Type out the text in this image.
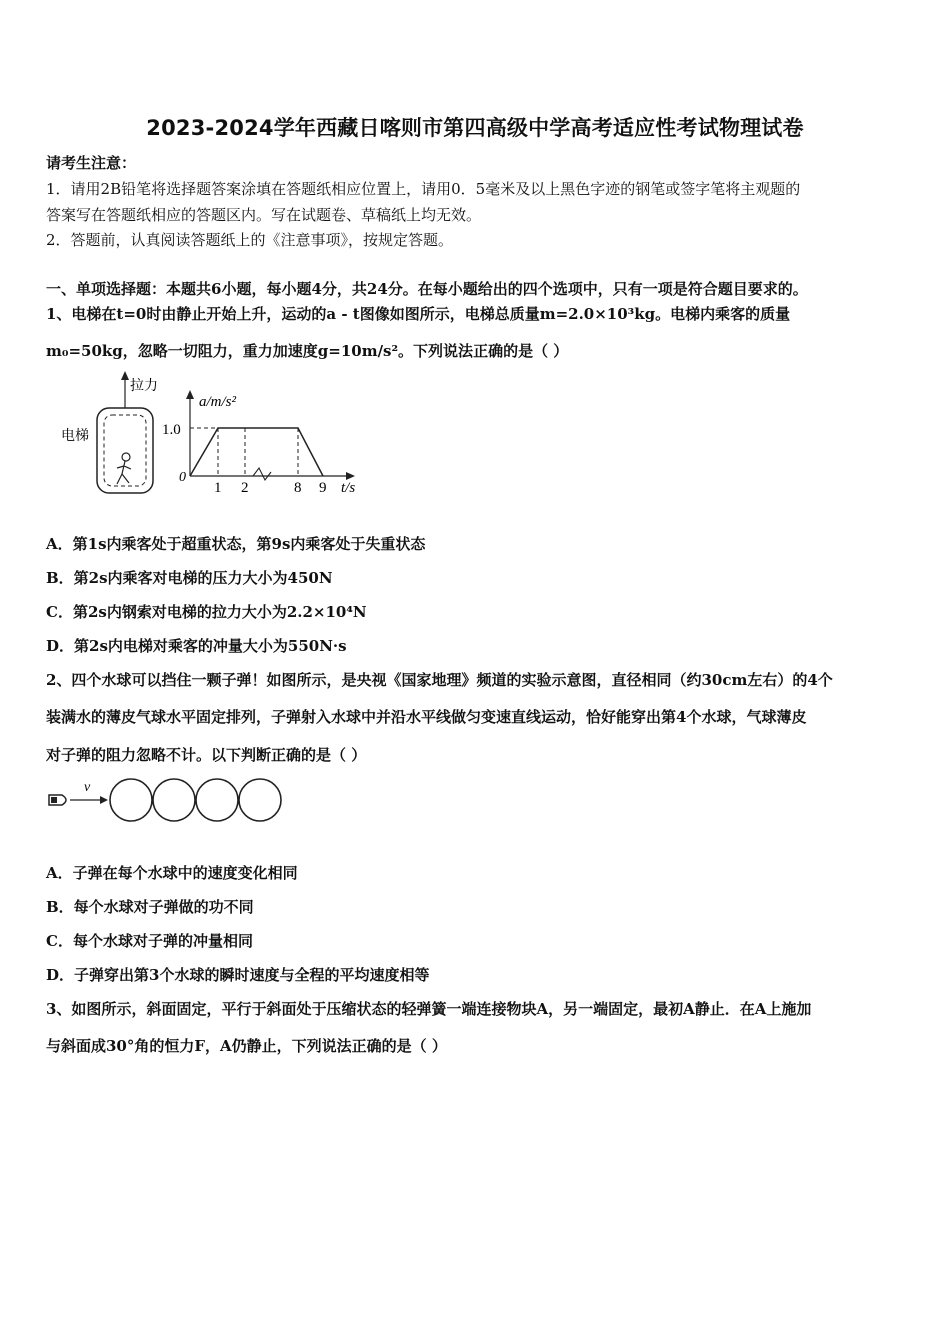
2023-2024学年西藏日喀则市第四高级中学高考适应性考试物理试卷
请考生注意：
1．请用2B铅笔将选择题答案涂填在答题纸相应位置上，请用0．5毫米及以上黑色字迹的钢笔或签字笔将主观题的
答案写在答题纸相应的答题区内。写在试题卷、草稿纸上均无效。
2．答题前，认真阅读答题纸上的《注意事项》，按规定答题。
一、单项选择题：本题共6小题，每小题4分，共24分。在每小题给出的四个选项中，只有一项是符合题目要求的。
1、电梯在t=0时由静止开始上升，运动的a - t图像如图所示，电梯总质量m=2.0×10³kg。电梯内乘客的质量
m₀=50kg，忽略一切阻力，重力加速度g=10m/s²。下列说法正确的是（ ）
拉力
电梯
a/m/s²
1.0
0
1 2	8 9 t/s
A．第1s内乘客处于超重状态，第9s内乘客处于失重状态
B．第2s内乘客对电梯的压力大小为450N
C．第2s内钢索对电梯的拉力大小为2.2×10⁴N
D．第2s内电梯对乘客的冲量大小为550N·s
2、四个水球可以挡住一颗子弹！如图所示，是央视《国家地理》频道的实验示意图，直径相同（约30cm左右）的4个
装满水的薄皮气球水平固定排列，子弹射入水球中并沿水平线做匀变速直线运动，恰好能穿出第4个水球，气球薄皮
对子弹的阻力忽略不计。以下判断正确的是（ ）
v
A．子弹在每个水球中的速度变化相同
B．每个水球对子弹做的功不同
C．每个水球对子弹的冲量相同
D．子弹穿出第3个水球的瞬时速度与全程的平均速度相等
3、如图所示，斜面固定，平行于斜面处于压缩状态的轻弹簧一端连接物块A，另一端固定，最初A静止．在A上施加
与斜面成30°角的恒力F，A仍静止，下列说法正确的是（ ）
